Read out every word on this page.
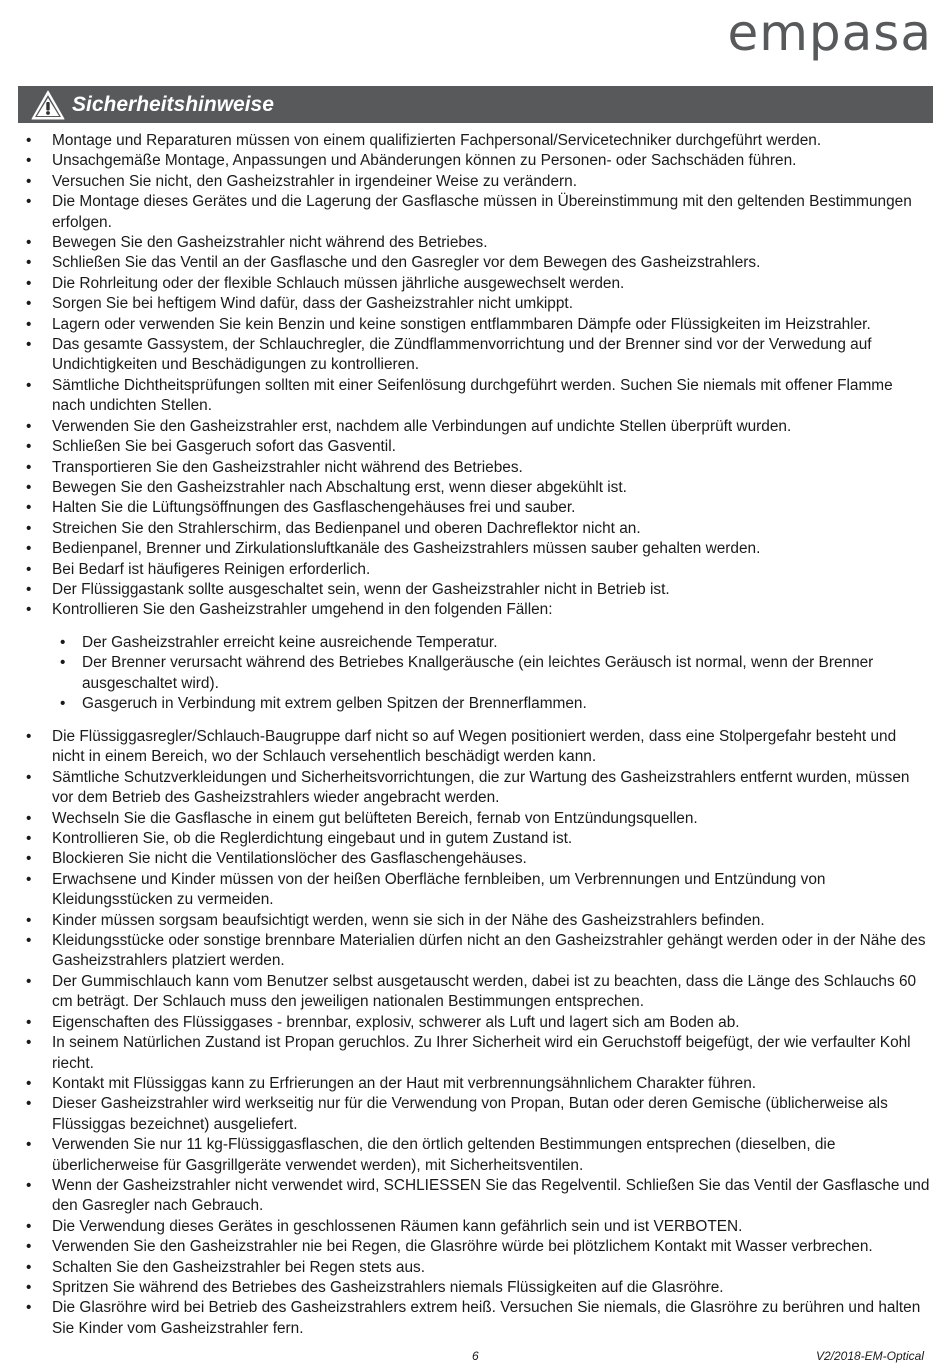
empasa
Sicherheitshinweise
• Montage und Reparaturen müssen von einem qualifizierten Fachpersonal/Servicetechniker durchgeführt werden.
• Unsachgemäße Montage, Anpassungen und Abänderungen können zu Personen- oder Sachschäden führen.
• Versuchen Sie nicht, den Gasheizstrahler in irgendeiner Weise zu verändern.
• Die Montage dieses Gerätes und die Lagerung der Gasflasche müssen in Übereinstimmung mit den geltenden Bestimmungen erfolgen.
• Bewegen Sie den Gasheizstrahler nicht während des Betriebes.
• Schließen Sie das Ventil an der Gasflasche und den Gasregler vor dem Bewegen des Gasheizstrahlers.
• Die Rohrleitung oder der flexible Schlauch müssen jährliche ausgewechselt werden.
• Sorgen Sie bei heftigem Wind dafür, dass der Gasheizstrahler nicht umkippt.
• Lagern oder verwenden Sie kein Benzin und keine sonstigen entflammbaren Dämpfe oder Flüssigkeiten im Heizstrahler.
• Das gesamte Gassystem, der Schlauchregler, die Zündflammenvorrichtung und der Brenner sind vor der Verwedung auf Undichtigkeiten und Beschädigungen zu kontrollieren.
• Sämtliche Dichtheitsprüfungen sollten mit einer Seifenlösung durchgeführt werden. Suchen Sie niemals mit offener Flamme nach undichten Stellen.
• Verwenden Sie den Gasheizstrahler erst, nachdem alle Verbindungen auf undichte Stellen überprüft wurden.
• Schließen Sie bei Gasgeruch sofort das Gasventil.
• Transportieren Sie den Gasheizstrahler nicht während des Betriebes.
• Bewegen Sie den Gasheizstrahler nach Abschaltung erst, wenn dieser abgekühlt ist.
• Halten Sie die Lüftungsöffnungen des Gasflaschengehäuses frei und sauber.
• Streichen Sie den Strahlerschirm, das Bedienpanel und oberen Dachreflektor nicht an.
• Bedienpanel, Brenner und Zirkulationsluftkanäle des Gasheizstrahlers müssen sauber gehalten werden.
• Bei Bedarf ist häufigeres Reinigen erforderlich.
• Der Flüssiggastank sollte ausgeschaltet sein, wenn der Gasheizstrahler nicht in Betrieb ist.
• Kontrollieren Sie den Gasheizstrahler umgehend in den folgenden Fällen:
• Der Gasheizstrahler erreicht keine ausreichende Temperatur.
• Der Brenner verursacht während des Betriebes Knallgeräusche (ein leichtes Geräusch ist normal, wenn der Brenner ausgeschaltet wird).
• Gasgeruch in Verbindung mit extrem gelben Spitzen der Brennerflammen.
• Die Flüssiggasregler/Schlauch-Baugruppe darf nicht so auf Wegen positioniert werden, dass eine Stolpergefahr besteht und nicht in einem Bereich, wo der Schlauch versehentlich beschädigt werden kann.
• Sämtliche Schutzverkleidungen und Sicherheitsvorrichtungen, die zur Wartung des Gasheizstrahlers entfernt wurden, müssen vor dem Betrieb des Gasheizstrahlers wieder angebracht werden.
• Wechseln Sie die Gasflasche in einem gut belüfteten Bereich, fernab von Entzündungsquellen.
• Kontrollieren Sie, ob die Reglerdichtung eingebaut und in gutem Zustand ist.
• Blockieren Sie nicht die Ventilationslöcher des Gasflaschengehäuses.
• Erwachsene und Kinder müssen von der heißen Oberfläche fernbleiben, um Verbrennungen und Entzündung von Kleidungsstücken zu vermeiden.
• Kinder müssen sorgsam beaufsichtigt werden, wenn sie sich in der Nähe des Gasheizstrahlers befinden.
• Kleidungsstücke oder sonstige brennbare Materialien dürfen nicht an den Gasheizstrahler gehängt werden oder in der Nähe des Gasheizstrahlers platziert werden.
• Der Gummischlauch kann vom Benutzer selbst ausgetauscht werden, dabei ist zu beachten, dass die Länge des Schlauchs 60 cm beträgt. Der Schlauch muss den jeweiligen nationalen Bestimmungen entsprechen.
• Eigenschaften des Flüssiggases - brennbar, explosiv, schwerer als Luft und lagert sich am Boden ab.
• In seinem Natürlichen Zustand ist Propan geruchlos. Zu Ihrer Sicherheit wird ein Geruchstoff beigefügt, der wie verfaulter Kohl riecht.
• Kontakt mit Flüssiggas kann zu Erfrierungen an der Haut mit verbrennungsähnlichem Charakter führen.
• Dieser Gasheizstrahler wird werkseitig nur für die Verwendung von Propan, Butan oder deren Gemische (üblicherweise als Flüssiggas bezeichnet) ausgeliefert.
• Verwenden Sie nur 11 kg-Flüssiggasflaschen, die den örtlich geltenden Bestimmungen entsprechen (dieselben, die überlicherweise für Gasgrillgeräte verwendet werden), mit Sicherheitsventilen.
• Wenn der Gasheizstrahler nicht verwendet wird, SCHLIESSEN Sie das Regelventil. Schließen Sie das Ventil der Gasflasche und den Gasregler nach Gebrauch.
• Die Verwendung dieses Gerätes in geschlossenen Räumen kann gefährlich sein und ist VERBOTEN.
• Verwenden Sie den Gasheizstrahler nie bei Regen, die Glasröhre würde bei plötzlichem Kontakt mit Wasser verbrechen.
• Schalten Sie den Gasheizstrahler bei Regen stets aus.
• Spritzen Sie während des Betriebes des Gasheizstrahlers niemals Flüssigkeiten auf die Glasröhre.
• Die Glasröhre wird bei Betrieb des Gasheizstrahlers extrem heiß. Versuchen Sie niemals, die Glasröhre zu berühren und halten Sie Kinder vom Gasheizstrahler fern.
6	V2/2018-EM-Optical
